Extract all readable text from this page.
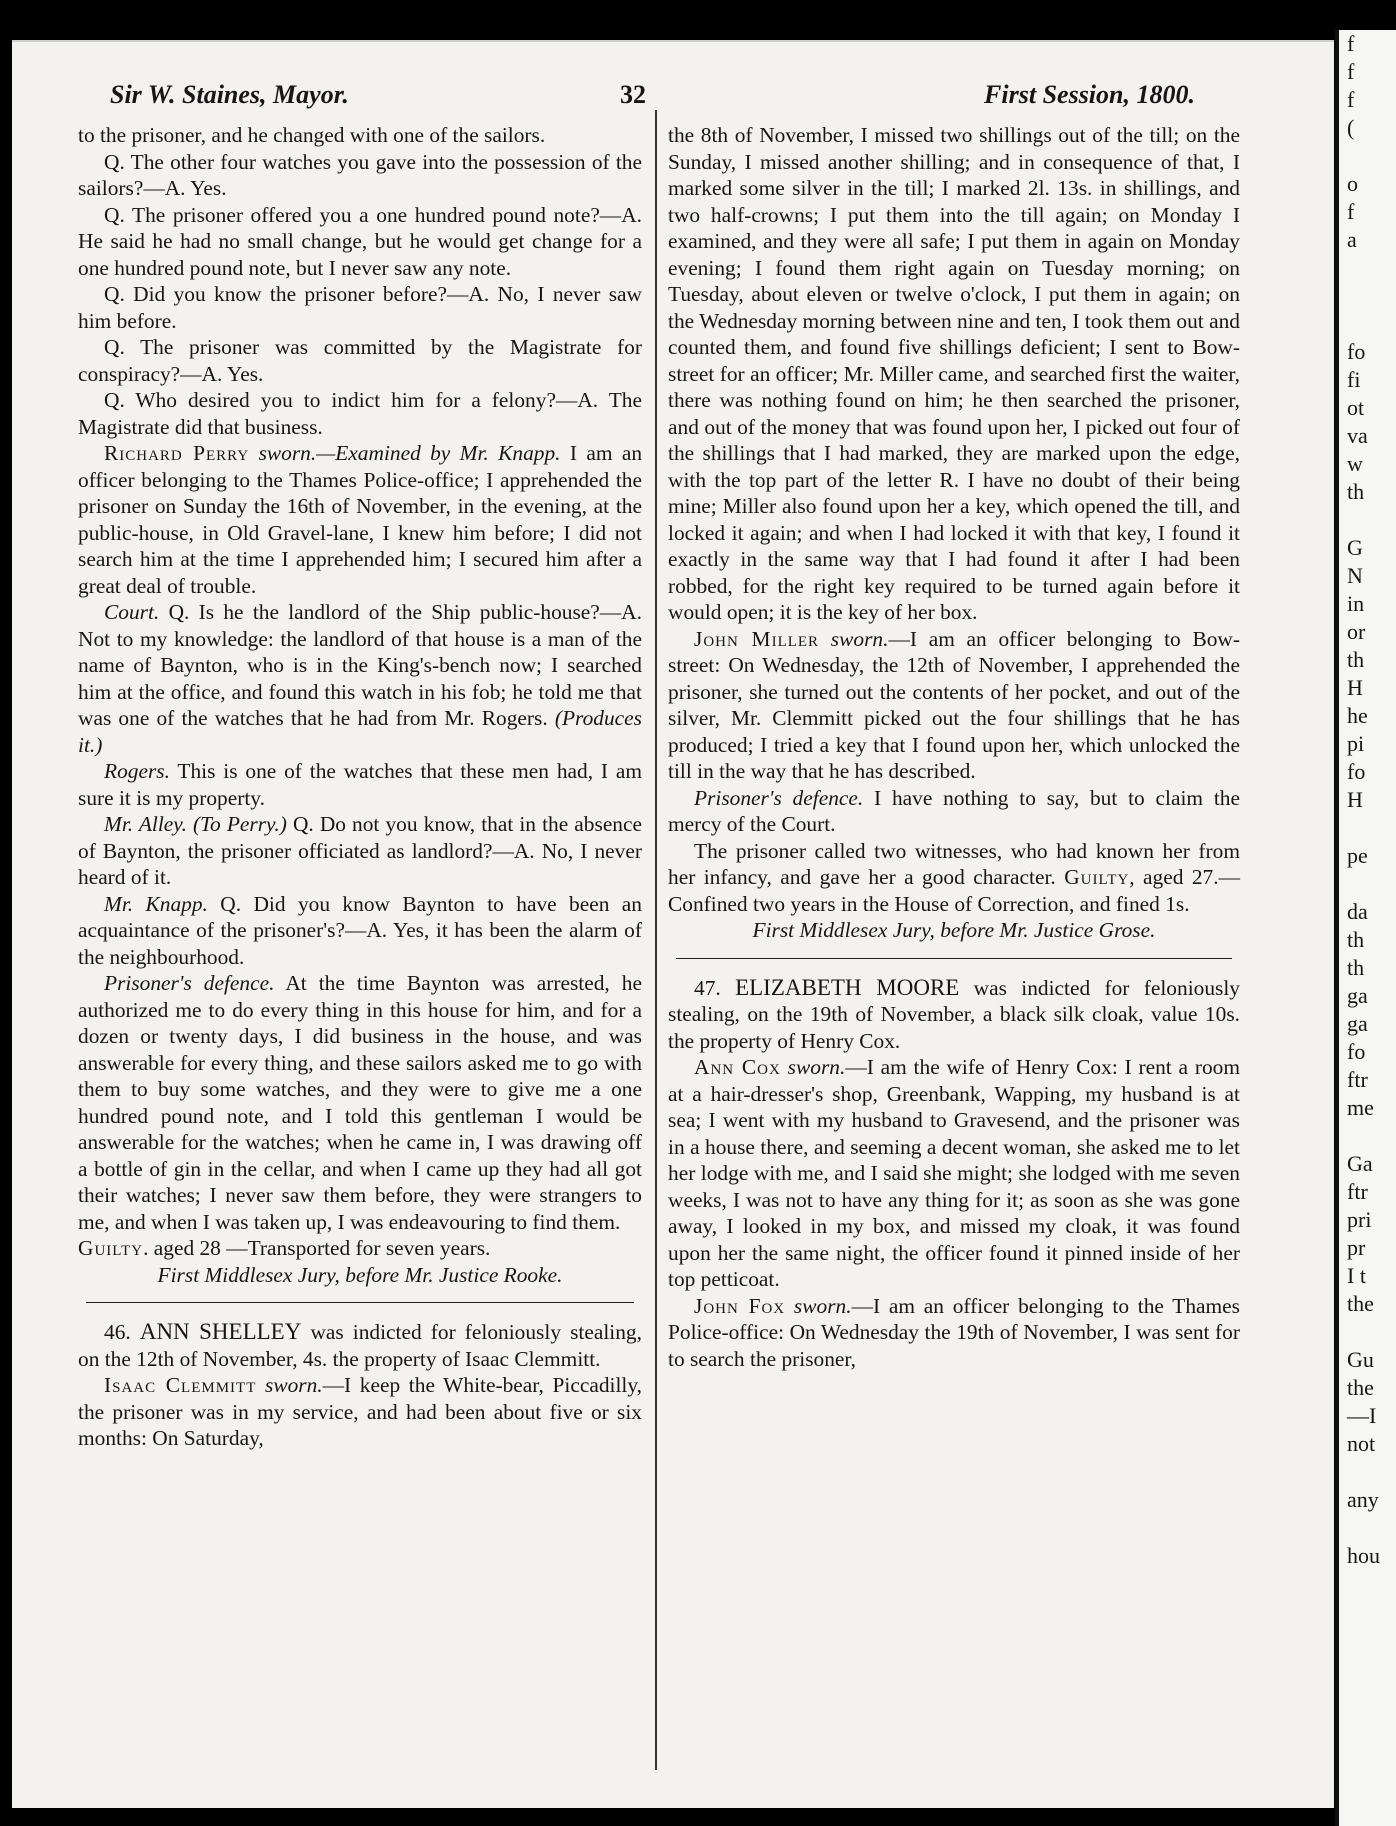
f
f
f
(

o
f
a

fo
fi
ot
va
w
th

G
N
in
or
th
H
he
pi
fo
H

pe

da
th
th
ga
ga
fo
ftr
me

Ga
ftr
pri
pr
I t
the

Gu
the
—I
not

any

hou
Sir W. Staines, Mayor.	32	First Session, 1800.

to the prisoner, and he changed with one of the sailors.

Q. The other four watches you gave into the possession of the sailors?—A. Yes.

Q. The prisoner offered you a one hundred pound note?—A. He said he had no small change, but he would get change for a one hundred pound note, but I never saw any note.

Q. Did you know the prisoner before?—A. No, I never saw him before.

Q. The prisoner was committed by the Magistrate for conspiracy?—A. Yes.

Q. Who desired you to indict him for a felony?—A. The Magistrate did that business.

Richard Perry sworn.—Examined by Mr. Knapp. I am an officer belonging to the Thames Police-office; I apprehended the prisoner on Sunday the 16th of November, in the evening, at the public-house, in Old Gravel-lane, I knew him before; I did not search him at the time I apprehended him; I secured him after a great deal of trouble.

Court. Q. Is he the landlord of the Ship public-house?—A. Not to my knowledge: the landlord of that house is a man of the name of Baynton, who is in the King's-bench now; I searched him at the office, and found this watch in his fob; he told me that was one of the watches that he had from Mr. Rogers. (Produces it.)

Rogers. This is one of the watches that these men had, I am sure it is my property.

Mr. Alley. (To Perry.) Q. Do not you know, that in the absence of Baynton, the prisoner officiated as landlord?—A. No, I never heard of it.

Mr. Knapp. Q. Did you know Baynton to have been an acquaintance of the prisoner's?—A. Yes, it has been the alarm of the neighbourhood.

Prisoner's defence. At the time Baynton was arrested, he authorized me to do every thing in this house for him, and for a dozen or twenty days, I did business in the house, and was answerable for every thing, and these sailors asked me to go with them to buy some watches, and they were to give me a one hundred pound note, and I told this gentleman I would be answerable for the watches; when he came in, I was drawing off a bottle of gin in the cellar, and when I came up they had all got their watches; I never saw them before, they were strangers to me, and when I was taken up, I was endeavouring to find them.

Guilty. aged 28 —Transported for seven years.

First Middlesex Jury, before Mr. Justice Rooke.

46. ANN SHELLEY was indicted for feloniously stealing, on the 12th of November, 4s. the property of Isaac Clemmitt.

Isaac Clemmitt sworn.—I keep the White-bear, Piccadilly, the prisoner was in my service, and had been about five or six months: On Saturday,

the 8th of November, I missed two shillings out of the till; on the Sunday, I missed another shilling; and in consequence of that, I marked some silver in the till; I marked 2l. 13s. in shillings, and two half-crowns; I put them into the till again; on Monday I examined, and they were all safe; I put them in again on Monday evening; I found them right again on Tuesday morning; on Tuesday, about eleven or twelve o'clock, I put them in again; on the Wednesday morning between nine and ten, I took them out and counted them, and found five shillings deficient; I sent to Bow-street for an officer; Mr. Miller came, and searched first the waiter, there was nothing found on him; he then searched the prisoner, and out of the money that was found upon her, I picked out four of the shillings that I had marked, they are marked upon the edge, with the top part of the letter R. I have no doubt of their being mine; Miller also found upon her a key, which opened the till, and locked it again; and when I had locked it with that key, I found it exactly in the same way that I had found it after I had been robbed, for the right key required to be turned again before it would open; it is the key of her box.

John Miller sworn.—I am an officer belonging to Bow-street: On Wednesday, the 12th of November, I apprehended the prisoner, she turned out the contents of her pocket, and out of the silver, Mr. Clemmitt picked out the four shillings that he has produced; I tried a key that I found upon her, which unlocked the till in the way that he has described.

Prisoner's defence. I have nothing to say, but to claim the mercy of the Court.

The prisoner called two witnesses, who had known her from her infancy, and gave her a good character. Guilty, aged 27.—Confined two years in the House of Correction, and fined 1s.

First Middlesex Jury, before Mr. Justice Grose.

47. ELIZABETH MOORE was indicted for feloniously stealing, on the 19th of November, a black silk cloak, value 10s. the property of Henry Cox.

Ann Cox sworn.—I am the wife of Henry Cox: I rent a room at a hair-dresser's shop, Greenbank, Wapping, my husband is at sea; I went with my husband to Gravesend, and the prisoner was in a house there, and seeming a decent woman, she asked me to let her lodge with me, and I said she might; she lodged with me seven weeks, I was not to have any thing for it; as soon as she was gone away, I looked in my box, and missed my cloak, it was found upon her the same night, the officer found it pinned inside of her top petticoat.

John Fox sworn.—I am an officer belonging to the Thames Police-office: On Wednesday the 19th of November, I was sent for to search the prisoner,
